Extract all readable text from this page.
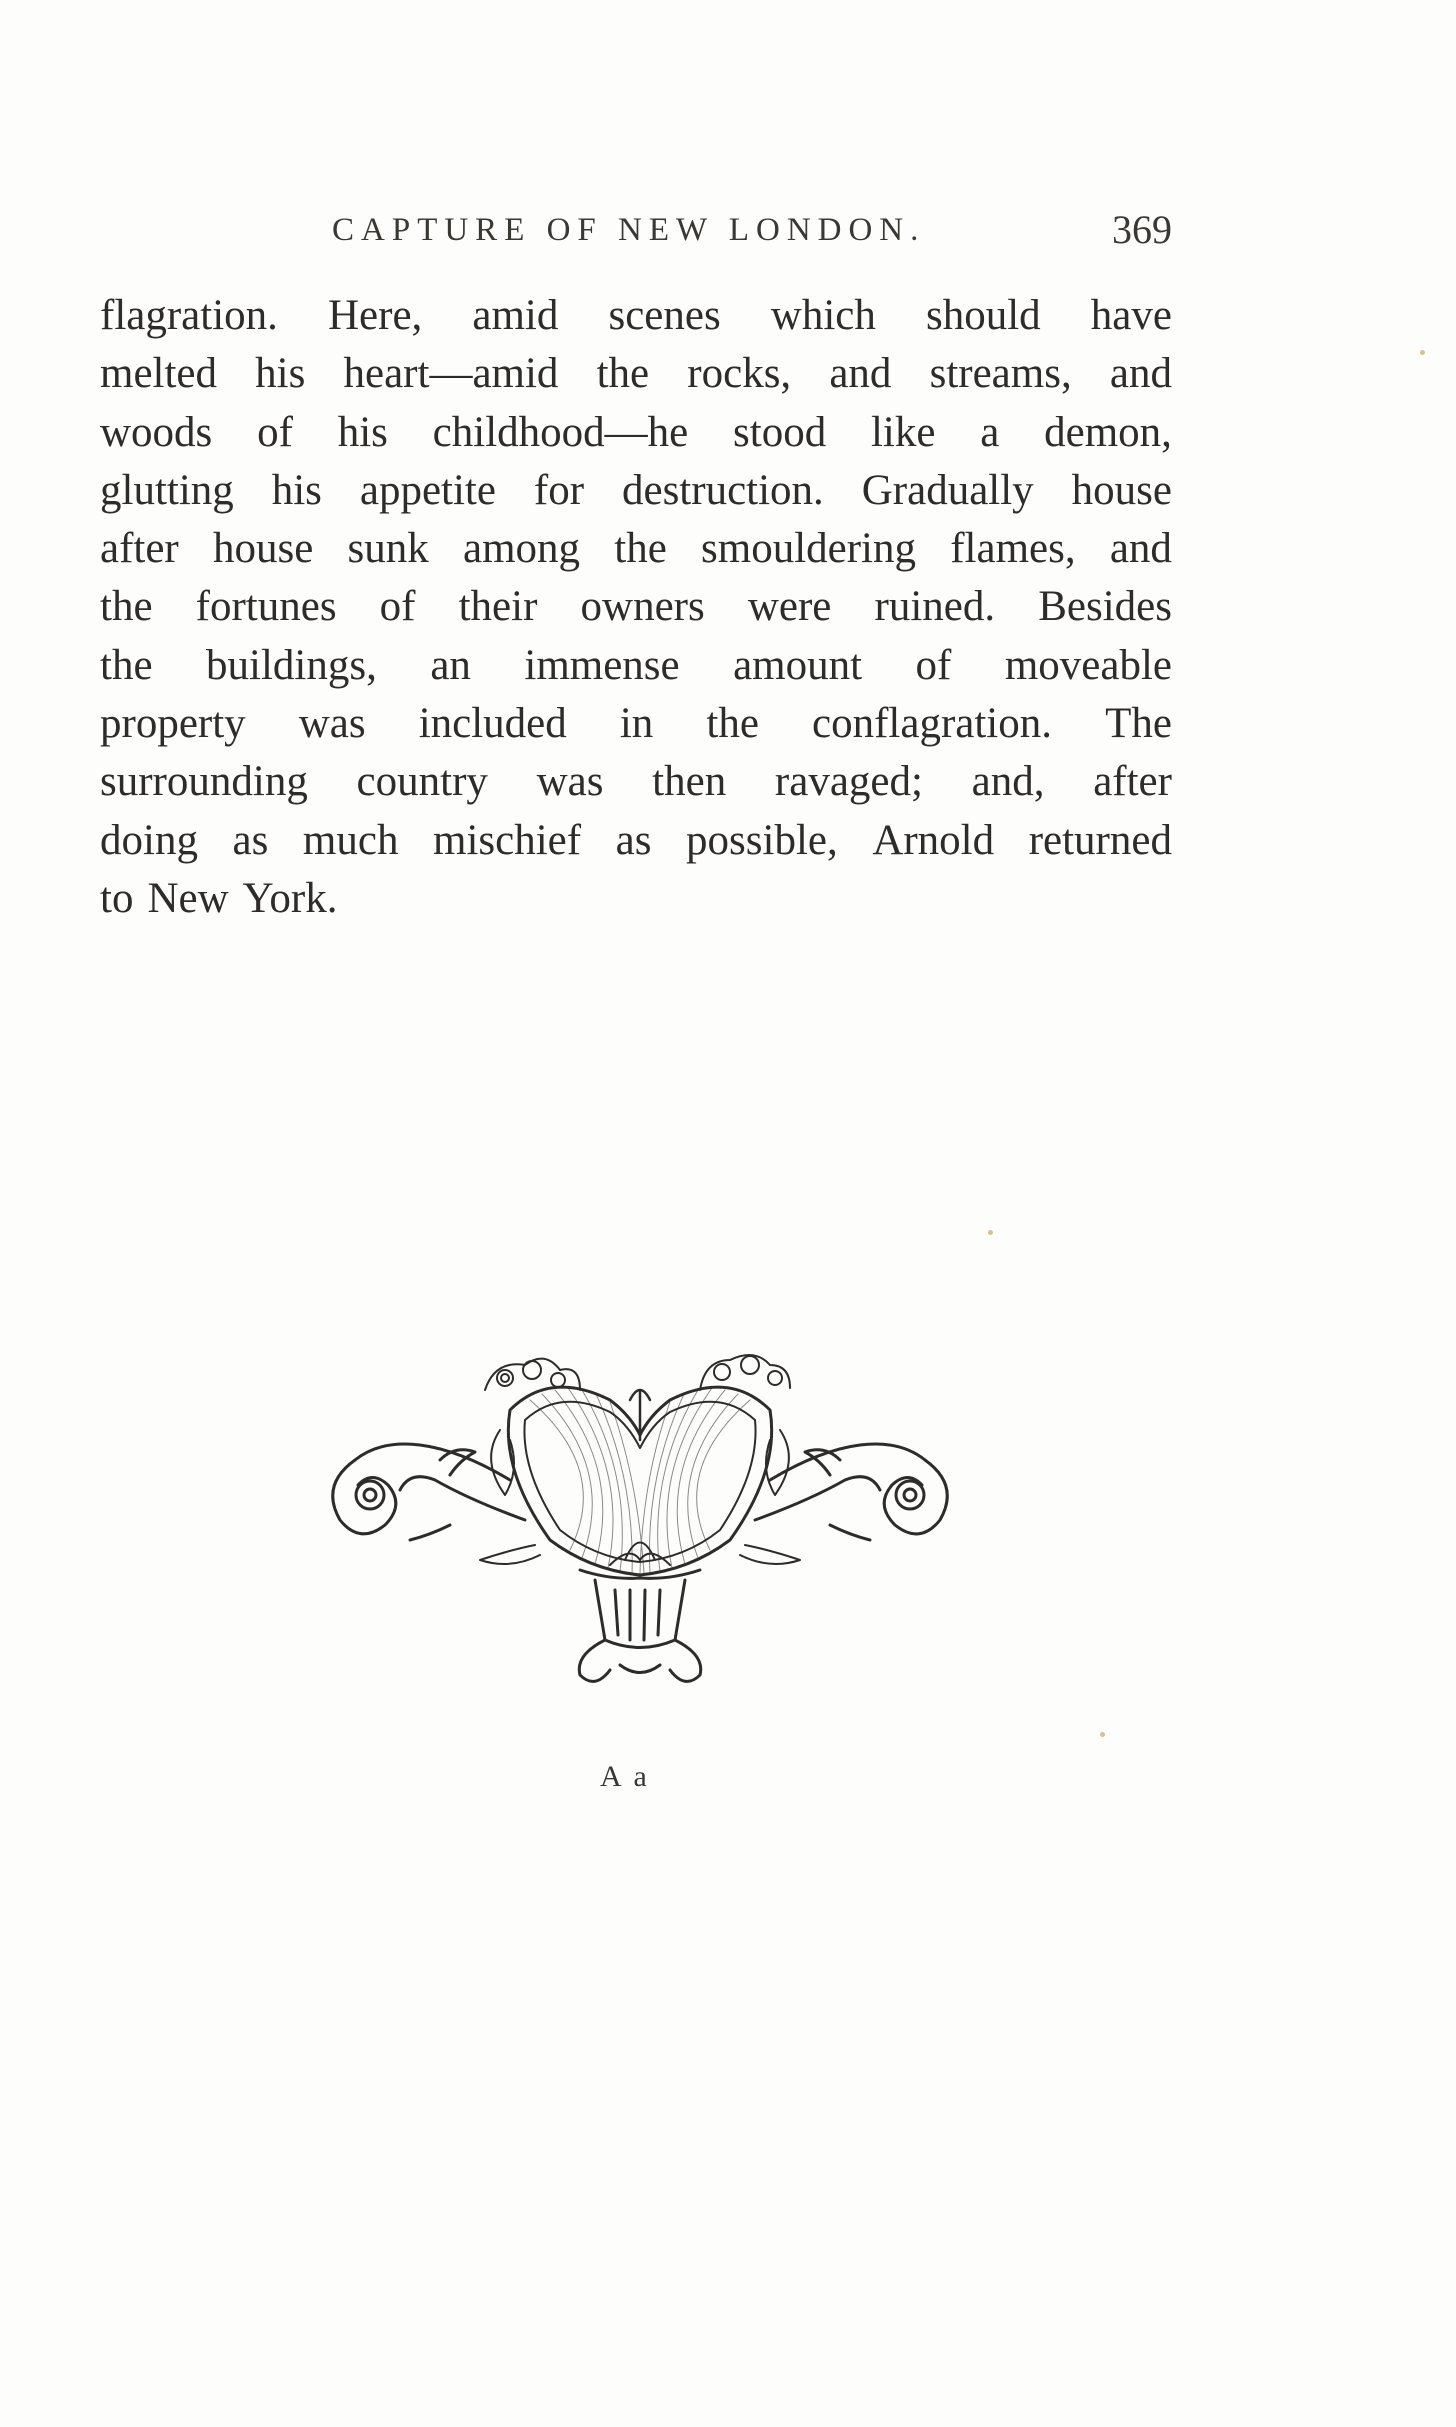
CAPTURE OF NEW LONDON.	369
flagration. Here, amid scenes which should have
melted his heart—amid the rocks, and streams, and
woods of his childhood—he stood like a demon,
glutting his appetite for destruction. Gradually house
after house sunk among the smouldering flames, and
the fortunes of their owners were ruined. Besides
the buildings, an immense amount of moveable
property was included in the conflagration. The
surrounding country was then ravaged; and, after
doing as much mischief as possible, Arnold returned
to New York.
A a
